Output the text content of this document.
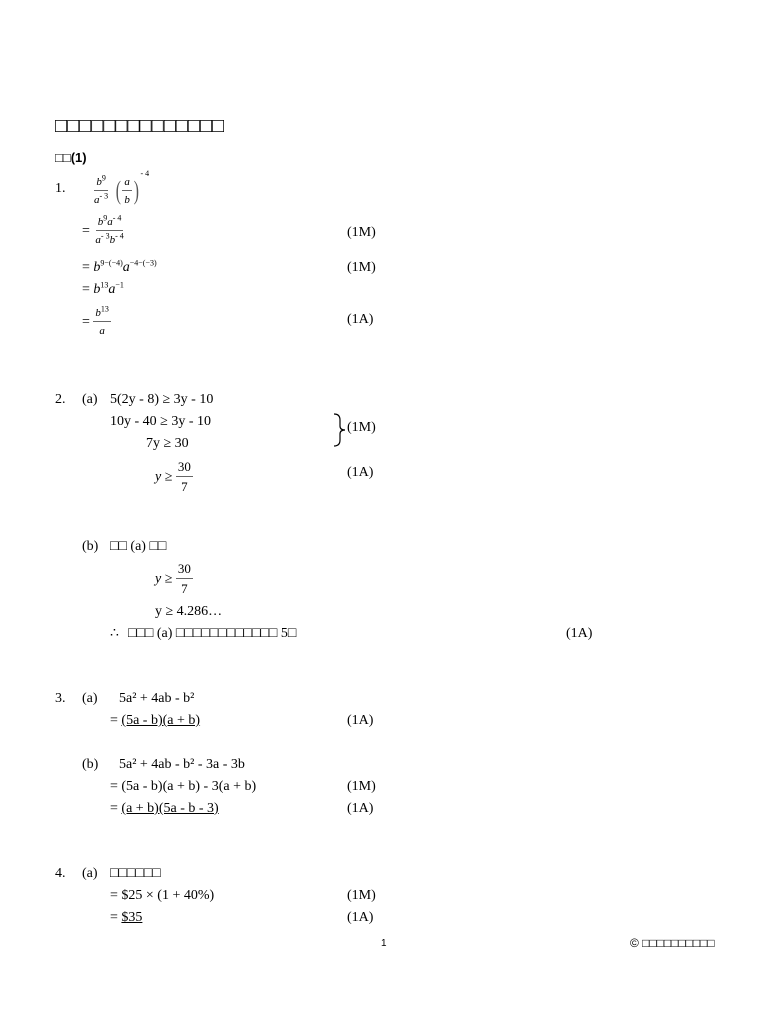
□□□□□□□□□□□□□□
□□(1)
1. $\frac{b^9}{a^{- 3}}$ ( $\frac{a}{b} )^{- 4}$
= $\frac{b^9a^{- 4}}{a^{- 3}b^{- 4}}$	(1M)
= $b^{9-(-4)}a^{-4-(-3)}$	(1M)
= $b^{13}a^{-1}$
= $\frac{b^{13}}{a}$	(1A)
2. (a) 5(2y - 8) ≥ 3y - 10
10y - 40 ≥ 3y - 10
7y ≥ 30
(1M)
$y \ge \frac{30}{7}$	(1A)
(b) □□ (a) □□
$y \ge \frac{30}{7}$
y ≥ 4.286…
∴ □□□ (a) □□□□□□□□□□□□ 5□	(1A)
3. (a) 5a² + 4ab - b²
= (5a - b)(a + b)	(1A)
(b) 5a² + 4ab - b² - 3a - 3b
= (5a - b)(a + b) - 3(a + b)	(1M)
= (a + b)(5a - b - 3)	(1A)
4. (a) □□□□□□
= $25 × (1 + 40%)	(1M)
= $35	(1A)
1	© □□□□□□□□□□
